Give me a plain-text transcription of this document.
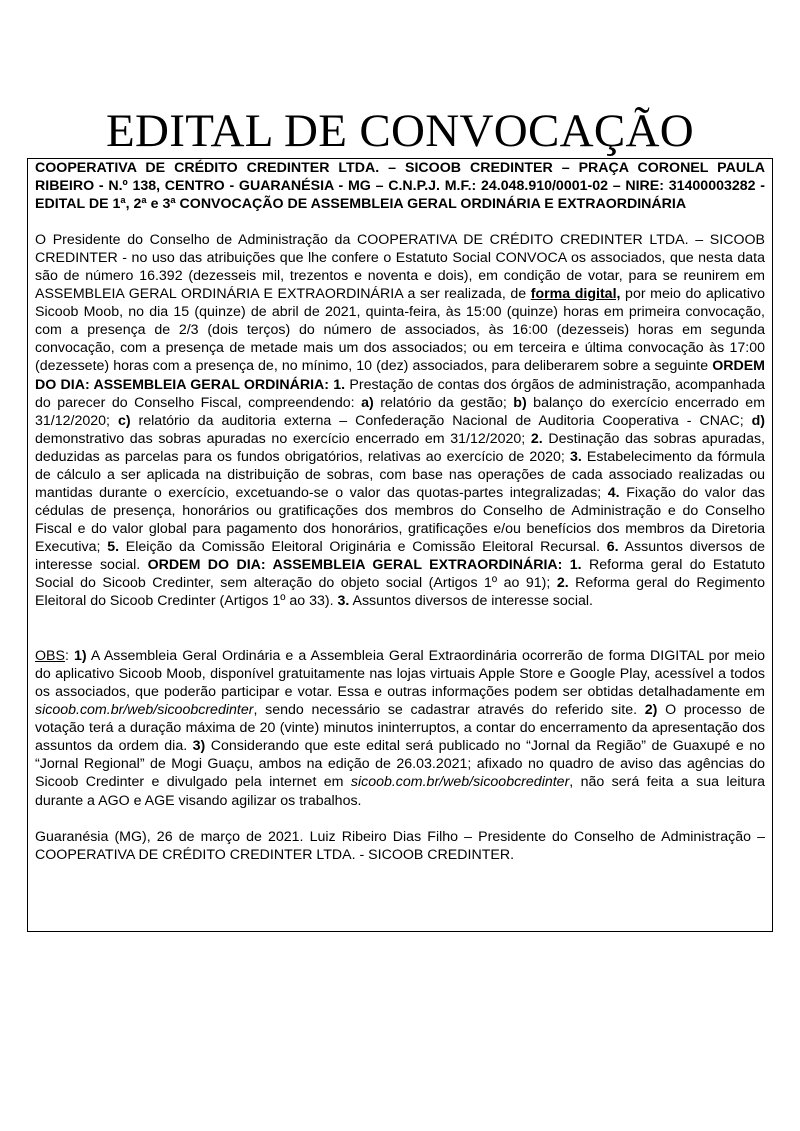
EDITAL DE CONVOCAÇÃO

COOPERATIVA DE CRÉDITO CREDINTER LTDA. – SICOOB CREDINTER – PRAÇA CORONEL PAULA RIBEIRO - N.º 138, CENTRO - GUARANÉSIA - MG – C.N.P.J. M.F.: 24.048.910/0001-02 – NIRE: 31400003282 - EDITAL DE 1ª, 2ª e 3ª CONVOCAÇÃO DE ASSEMBLEIA GERAL ORDINÁRIA E EXTRAORDINÁRIA

O Presidente do Conselho de Administração da COOPERATIVA DE CRÉDITO CREDINTER LTDA. – SICOOB CREDINTER - no uso das atribuições que lhe confere o Estatuto Social CONVOCA os associados, que nesta data são de número 16.392 (dezesseis mil, trezentos e noventa e dois), em condição de votar, para se reunirem em ASSEMBLEIA GERAL ORDINÁRIA E EXTRAORDINÁRIA a ser realizada, de forma digital, por meio do aplicativo Sicoob Moob, no dia 15 (quinze) de abril de 2021, quinta-feira, às 15:00 (quinze) horas em primeira convocação, com a presença de 2/3 (dois terços) do número de associados, às 16:00 (dezesseis) horas em segunda convocação, com a presença de metade mais um dos associados; ou em terceira e última convocação às 17:00 (dezessete) horas com a presença de, no mínimo, 10 (dez) associados, para deliberarem sobre a seguinte ORDEM DO DIA: ASSEMBLEIA GERAL ORDINÁRIA: 1. Prestação de contas dos órgãos de administração, acompanhada do parecer do Conselho Fiscal, compreendendo: a) relatório da gestão; b) balanço do exercício encerrado em 31/12/2020; c) relatório da auditoria externa – Confederação Nacional de Auditoria Cooperativa - CNAC; d) demonstrativo das sobras apuradas no exercício encerrado em 31/12/2020; 2. Destinação das sobras apuradas, deduzidas as parcelas para os fundos obrigatórios, relativas ao exercício de 2020; 3. Estabelecimento da fórmula de cálculo a ser aplicada na distribuição de sobras, com base nas operações de cada associado realizadas ou mantidas durante o exercício, excetuando-se o valor das quotas-partes integralizadas; 4. Fixação do valor das cédulas de presença, honorários ou gratificações dos membros do Conselho de Administração e do Conselho Fiscal e do valor global para pagamento dos honorários, gratificações e/ou benefícios dos membros da Diretoria Executiva; 5. Eleição da Comissão Eleitoral Originária e Comissão Eleitoral Recursal. 6. Assuntos diversos de interesse social. ORDEM DO DIA: ASSEMBLEIA GERAL EXTRAORDINÁRIA: 1. Reforma geral do Estatuto Social do Sicoob Credinter, sem alteração do objeto social (Artigos 1º ao 91); 2. Reforma geral do Regimento Eleitoral do Sicoob Credinter (Artigos 1º ao 33). 3. Assuntos diversos de interesse social.

OBS: 1) A Assembleia Geral Ordinária e a Assembleia Geral Extraordinária ocorrerão de forma DIGITAL por meio do aplicativo Sicoob Moob, disponível gratuitamente nas lojas virtuais Apple Store e Google Play, acessível a todos os associados, que poderão participar e votar. Essa e outras informações podem ser obtidas detalhadamente em sicoob.com.br/web/sicoobcredinter, sendo necessário se cadastrar através do referido site. 2) O processo de votação terá a duração máxima de 20 (vinte) minutos ininterruptos, a contar do encerramento da apresentação dos assuntos da ordem dia. 3) Considerando que este edital será publicado no “Jornal da Região” de Guaxupé e no “Jornal Regional” de Mogi Guaçu, ambos na edição de 26.03.2021; afixado no quadro de aviso das agências do Sicoob Credinter e divulgado pela internet em sicoob.com.br/web/sicoobcredinter, não será feita a sua leitura durante a AGO e AGE visando agilizar os trabalhos.

Guaranésia (MG), 26 de março de 2021. Luiz Ribeiro Dias Filho – Presidente do Conselho de Administração – COOPERATIVA DE CRÉDITO CREDINTER LTDA. - SICOOB CREDINTER.
